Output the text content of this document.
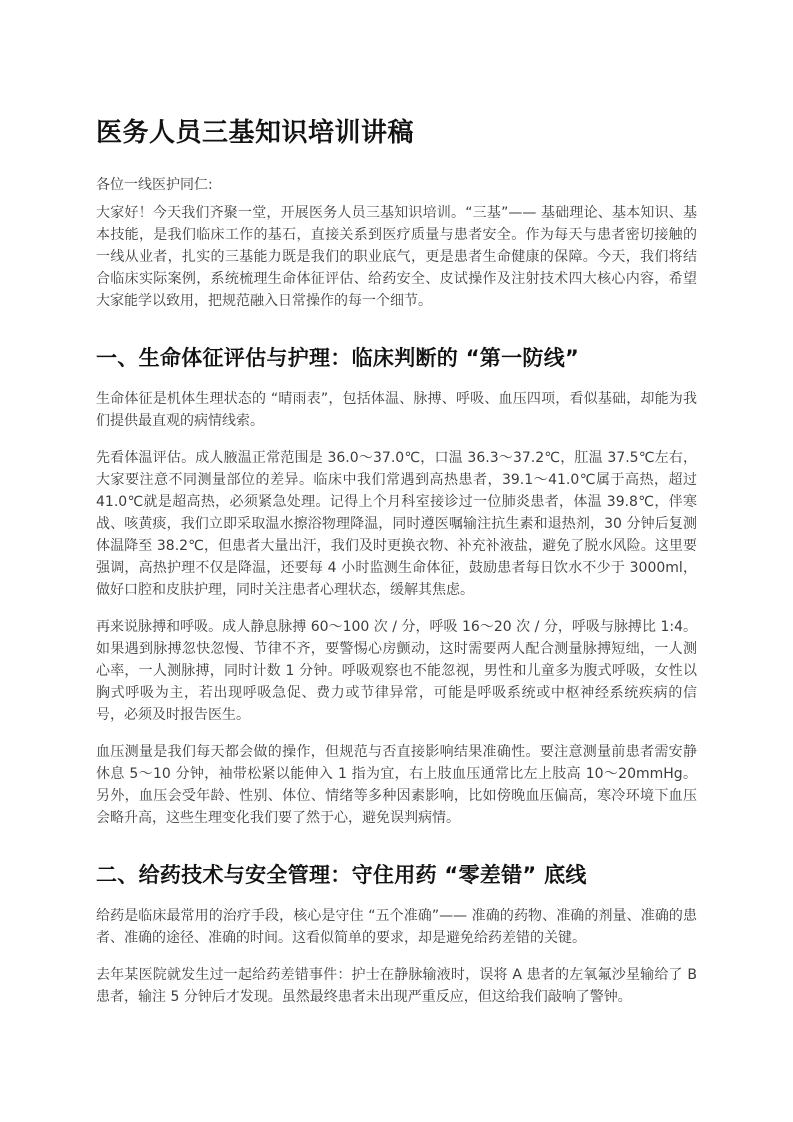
医务人员三基知识培训讲稿

各位一线医护同仁:

大家好！今天我们齐聚一堂，开展医务人员三基知识培训。“三基”—— 基础理论、基本知识、基本技能，是我们临床工作的基石，直接关系到医疗质量与患者安全。作为每天与患者密切接触的一线从业者，扎实的三基能力既是我们的职业底气，更是患者生命健康的保障。今天，我们将结合临床实际案例，系统梳理生命体征评估、给药安全、皮试操作及注射技术四大核心内容，希望大家能学以致用，把规范融入日常操作的每一个细节。

一、生命体征评估与护理：临床判断的 “第一防线”

生命体征是机体生理状态的 “晴雨表”，包括体温、脉搏、呼吸、血压四项，看似基础，却能为我们提供最直观的病情线索。

先看体温评估。成人腋温正常范围是 36.0～37.0℃，口温 36.3～37.2℃，肛温 37.5℃左右，大家要注意不同测量部位的差异。临床中我们常遇到高热患者，39.1～41.0℃属于高热，超过 41.0℃就是超高热，必须紧急处理。记得上个月科室接诊过一位肺炎患者，体温 39.8℃，伴寒战、咳黄痰，我们立即采取温水擦浴物理降温，同时遵医嘱输注抗生素和退热剂，30 分钟后复测体温降至 38.2℃，但患者大量出汗，我们及时更换衣物、补充补液盐，避免了脱水风险。这里要强调，高热护理不仅是降温，还要每 4 小时监测生命体征，鼓励患者每日饮水不少于 3000ml，做好口腔和皮肤护理，同时关注患者心理状态，缓解其焦虑。

再来说脉搏和呼吸。成人静息脉搏 60～100 次 / 分，呼吸 16～20 次 / 分，呼吸与脉搏比 1:4。如果遇到脉搏忽快忽慢、节律不齐，要警惕心房颤动，这时需要两人配合测量脉搏短绌，一人测心率，一人测脉搏，同时计数 1 分钟。呼吸观察也不能忽视，男性和儿童多为腹式呼吸，女性以胸式呼吸为主，若出现呼吸急促、费力或节律异常，可能是呼吸系统或中枢神经系统疾病的信号，必须及时报告医生。

血压测量是我们每天都会做的操作，但规范与否直接影响结果准确性。要注意测量前患者需安静休息 5～10 分钟，袖带松紧以能伸入 1 指为宜，右上肢血压通常比左上肢高 10～20mmHg。另外，血压会受年龄、性别、体位、情绪等多种因素影响，比如傍晚血压偏高，寒冷环境下血压会略升高，这些生理变化我们要了然于心，避免误判病情。

二、给药技术与安全管理：守住用药 “零差错” 底线

给药是临床最常用的治疗手段，核心是守住 “五个准确”—— 准确的药物、准确的剂量、准确的患者、准确的途径、准确的时间。这看似简单的要求，却是避免给药差错的关键。

去年某医院就发生过一起给药差错事件：护士在静脉输液时，误将 A 患者的左氧氟沙星输给了 B 患者，输注 5 分钟后才发现。虽然最终患者未出现严重反应，但这给我们敲响了警钟。
